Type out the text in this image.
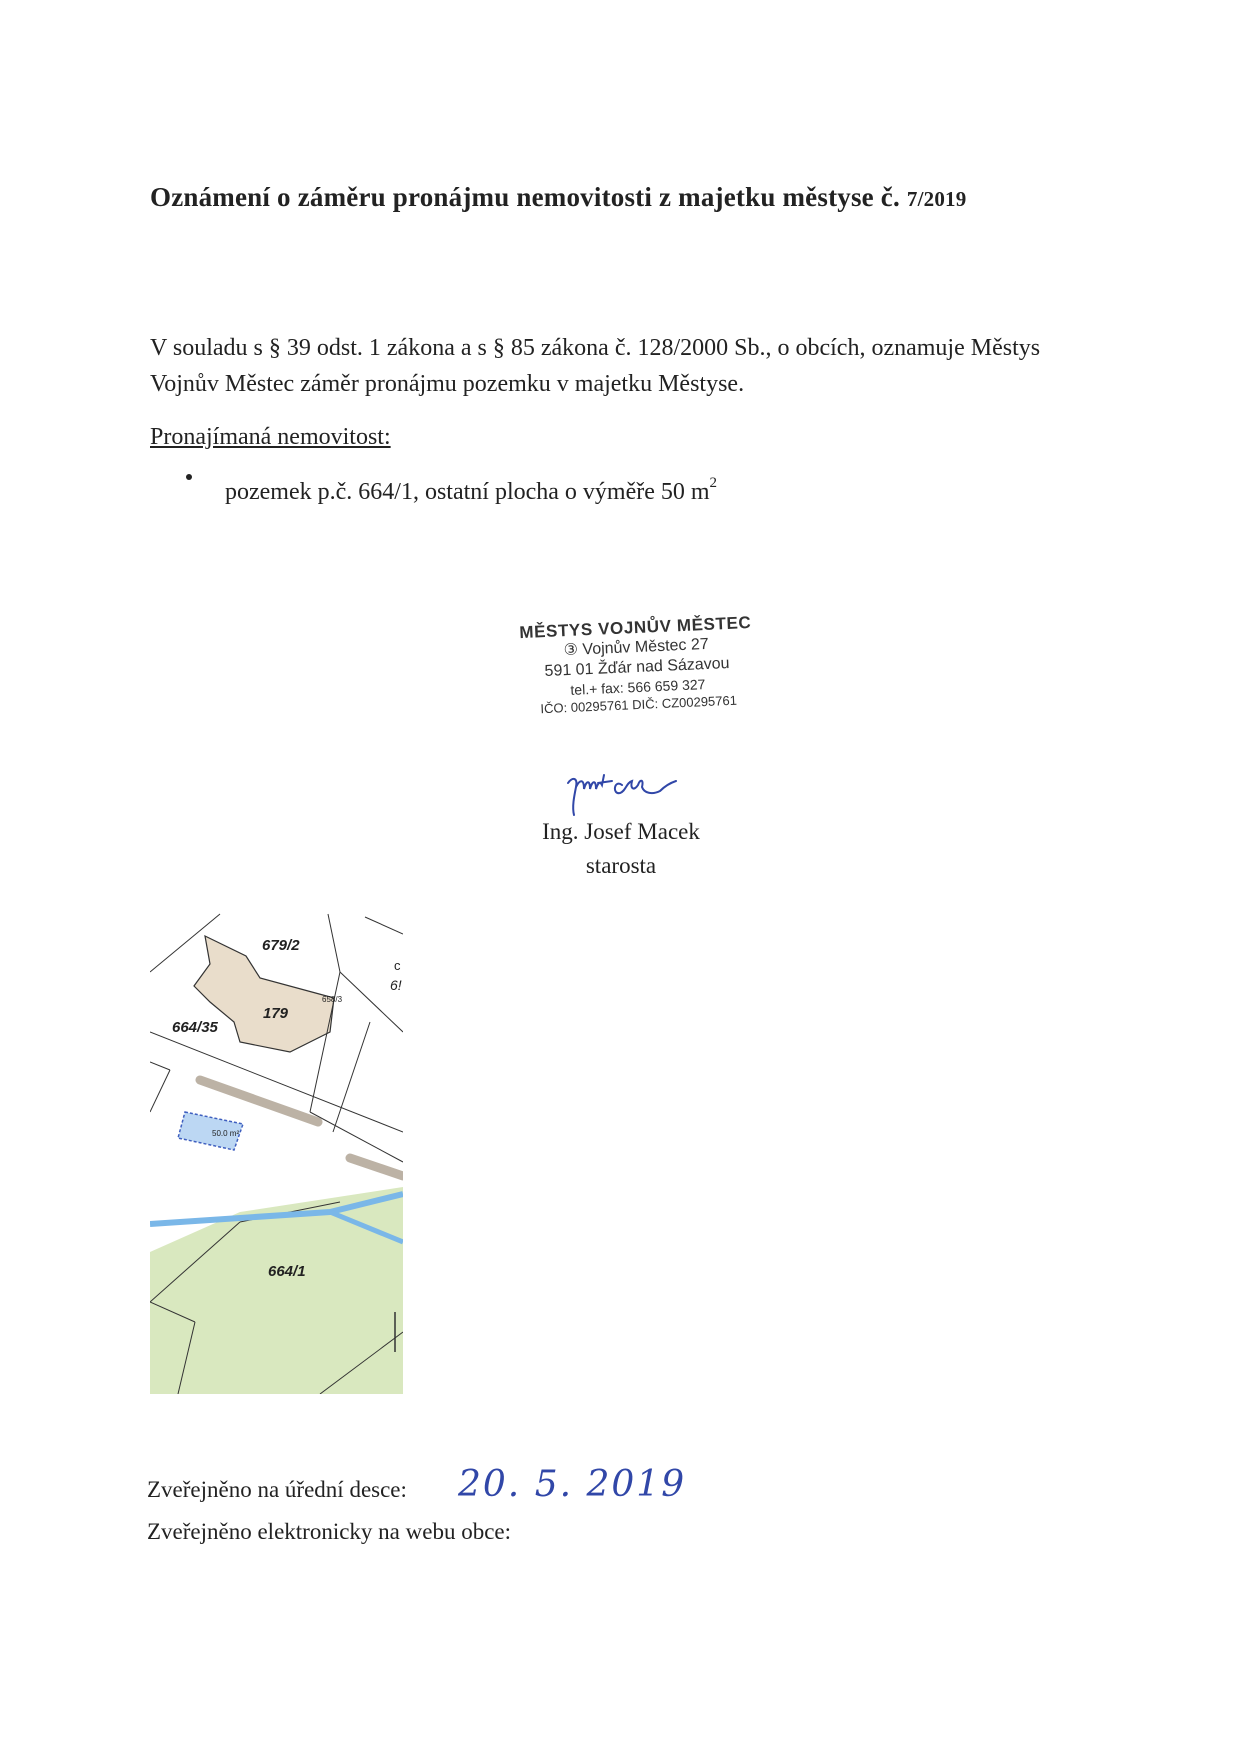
Oznámení o záměru pronájmu nemovitosti z majetku městyse č. 7/2019
V souladu s § 39 odst. 1 zákona a s § 85 zákona č. 128/2000 Sb., o obcích, oznamuje Městys
Vojnův Městec záměr pronájmu pozemku v majetku Městyse.
Pronajímaná nemovitost:
pozemek p.č. 664/1, ostatní plocha o výměře 50 $m^2$
MĚSTYS VOJNŮV MĚSTEC
③ Vojnův Městec 27
591 01 Žďár nad Sázavou
tel.+ fax: 566 659 327
IČO: 00295761 DIČ: CZ00295761
Ing. Josef Macek
starosta
50.0 m²
679/2
179
664/35
664/1
6!
c
658/3
Zveřejněno na úřední desce: 20. 5. 2019
Zveřejněno elektronicky na webu obce:
